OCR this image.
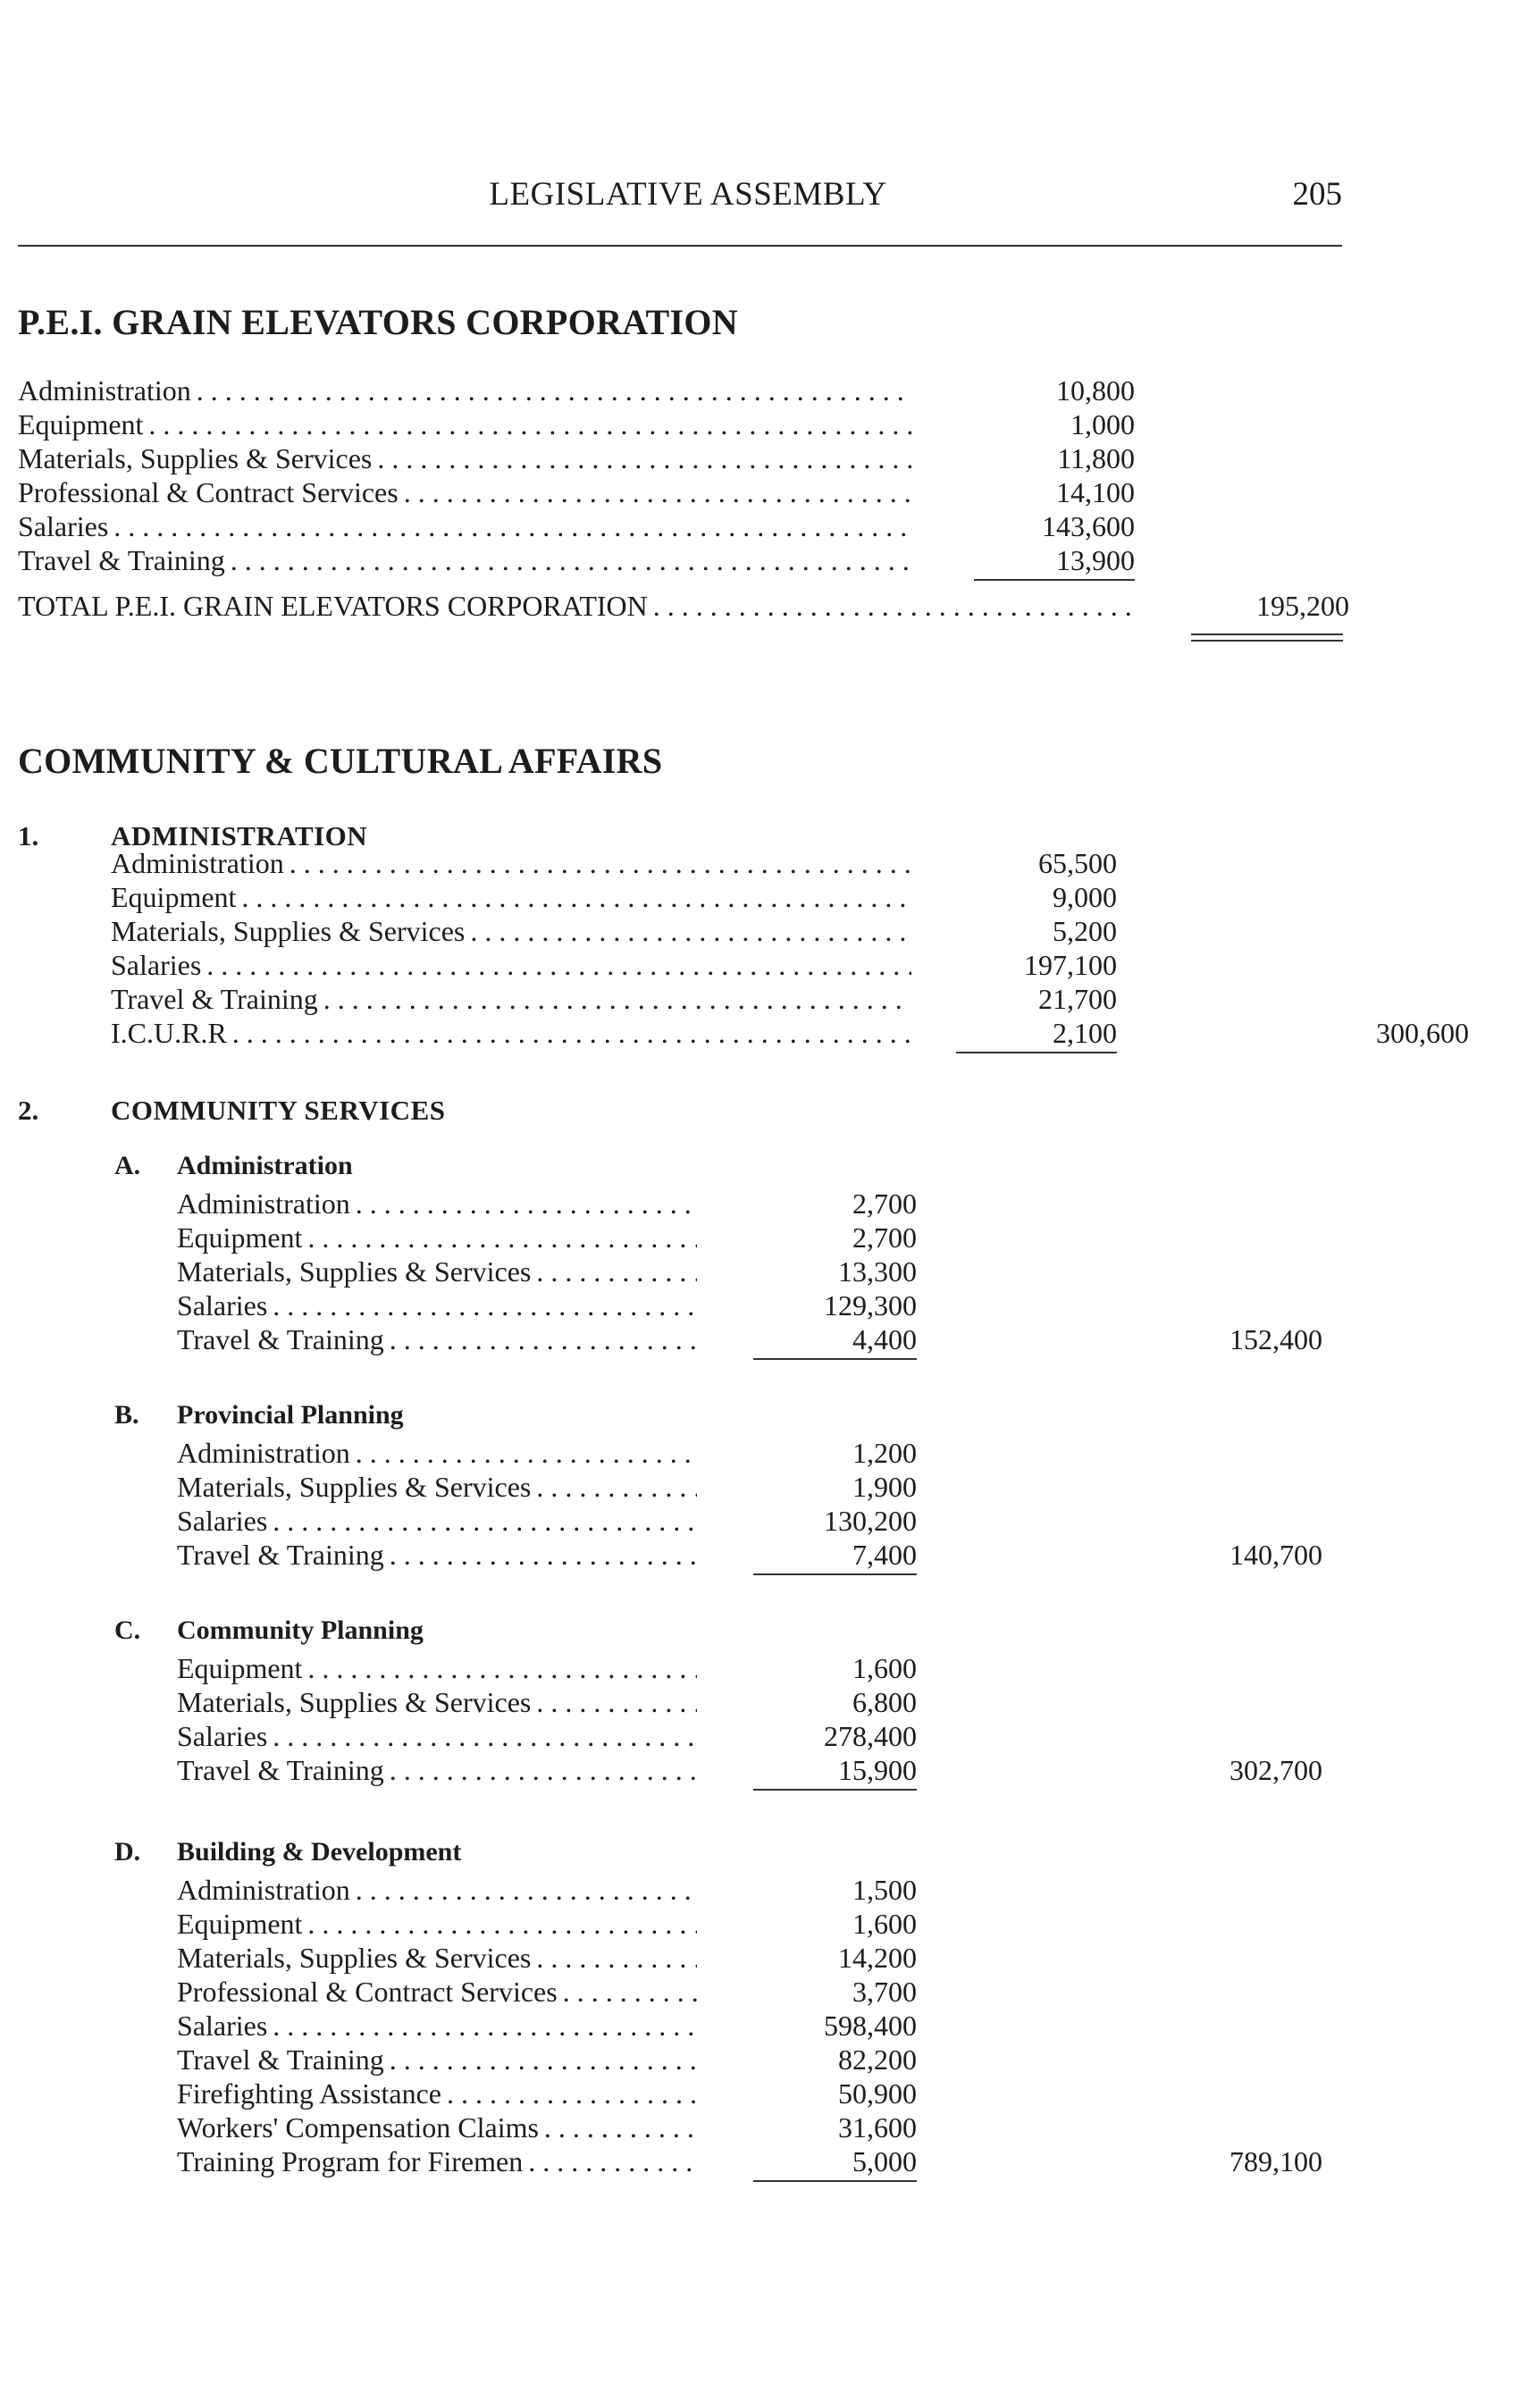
LEGISLATIVE ASSEMBLY	205
P.E.I. GRAIN ELEVATORS CORPORATION
Administration . . .	10,800
Equipment . . .	1,000
Materials, Supplies & Services . . .	11,800
Professional & Contract Services . . .	14,100
Salaries . . .	143,600
Travel & Training . . .	13,900
TOTAL P.E.I. GRAIN ELEVATORS CORPORATION . . .	195,200
COMMUNITY & CULTURAL AFFAIRS
1.	ADMINISTRATION
Administration . . .	65,500
Equipment . . .	9,000
Materials, Supplies & Services . . .	5,200
Salaries . . .	197,100
Travel & Training . . .	21,700
I.C.U.R.R . . .	2,100	300,600
2.	COMMUNITY SERVICES
A. Administration
Administration . . .	2,700
Equipment . . .	2,700
Materials, Supplies & Services . . .	13,300
Salaries . . .	129,300
Travel & Training . . .	4,400	152,400
B. Provincial Planning
Administration . . .	1,200
Materials, Supplies & Services . . .	1,900
Salaries . . .	130,200
Travel & Training . . .	7,400	140,700
C. Community Planning
Equipment . . .	1,600
Materials, Supplies & Services . . .	6,800
Salaries . . .	278,400
Travel & Training . . .	15,900	302,700
D. Building & Development
Administration . . .	1,500
Equipment . . .	1,600
Materials, Supplies & Services . . .	14,200
Professional & Contract Services . . .	3,700
Salaries . . .	598,400
Travel & Training . . .	82,200
Firefighting Assistance . . .	50,900
Workers' Compensation Claims . . .	31,600
Training Program for Firemen . . .	5,000	789,100
